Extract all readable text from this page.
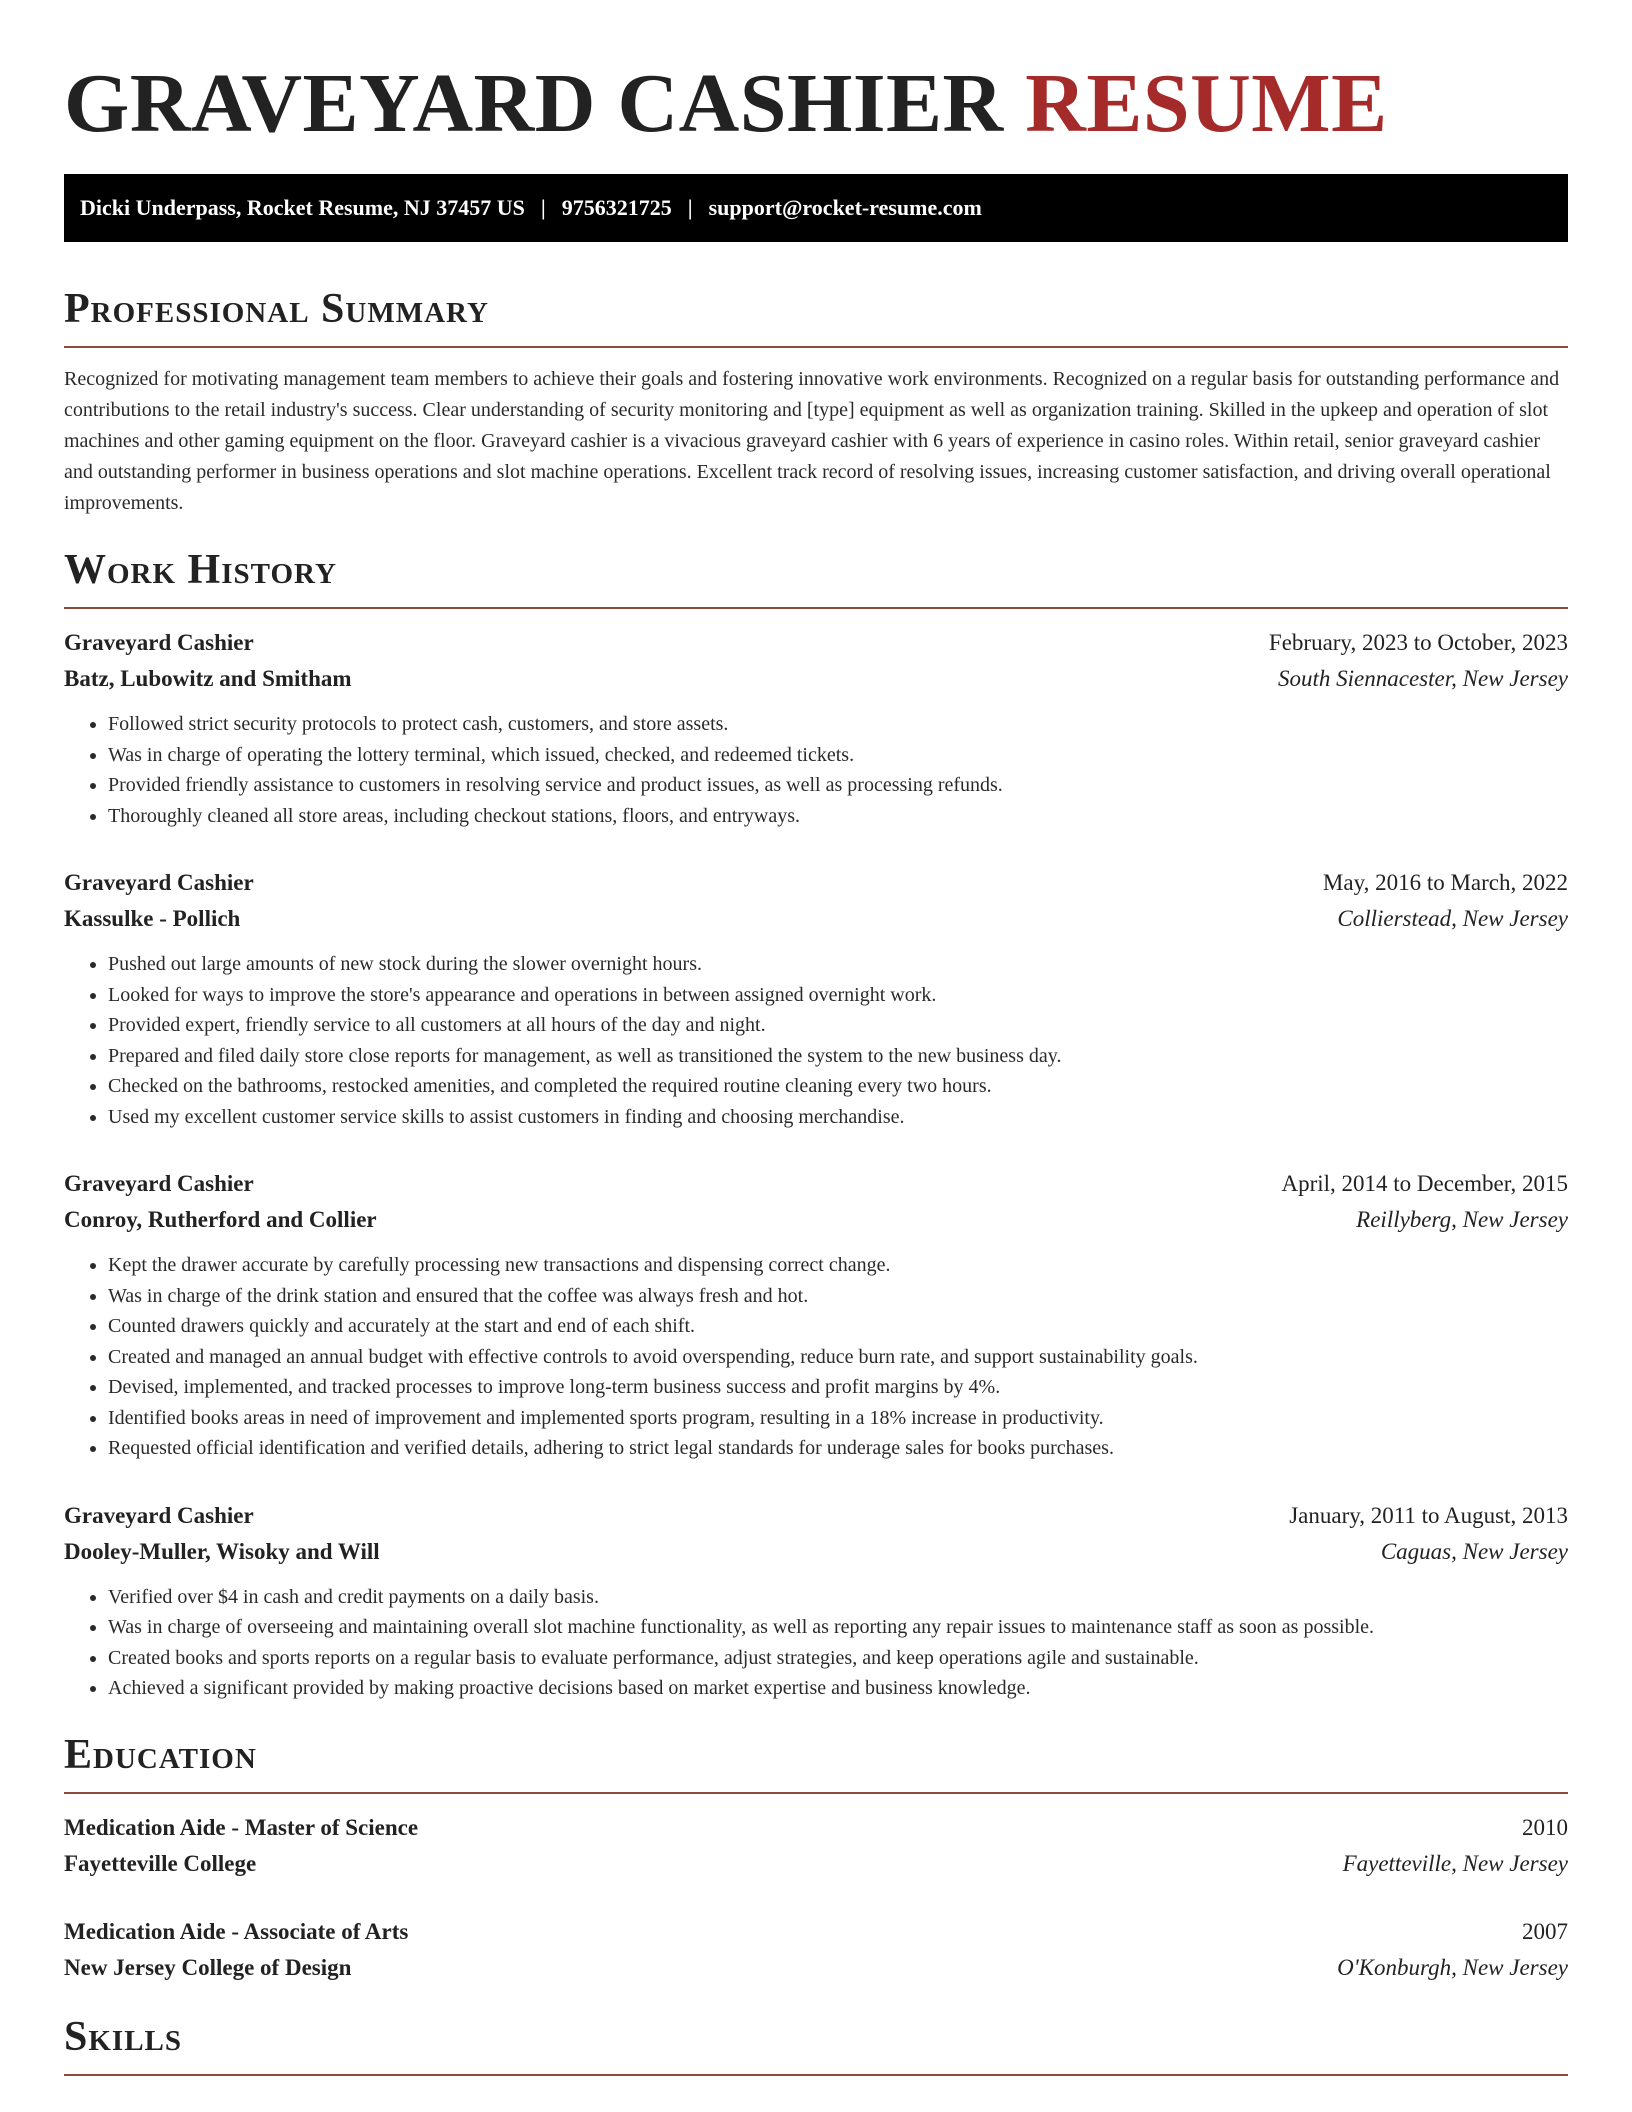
GRAVEYARD CASHIER RESUME
Dicki Underpass, Rocket Resume, NJ 37457 US | 9756321725 | support@rocket-resume.com
Professional Summary

Recognized for motivating management team members to achieve their goals and fostering innovative work environments. Recognized on a regular basis for outstanding performance and contributions to the retail industry's success. Clear understanding of security monitoring and [type] equipment as well as organization training. Skilled in the upkeep and operation of slot machines and other gaming equipment on the floor. Graveyard cashier is a vivacious graveyard cashier with 6 years of experience in casino roles. Within retail, senior graveyard cashier and outstanding performer in business operations and slot machine operations. Excellent track record of resolving issues, increasing customer satisfaction, and driving overall operational improvements.

Work History
Graveyard Cashier	February, 2023 to October, 2023
Batz, Lubowitz and Smitham	South Siennacester, New Jersey
• Followed strict security protocols to protect cash, customers, and store assets.
• Was in charge of operating the lottery terminal, which issued, checked, and redeemed tickets.
• Provided friendly assistance to customers in resolving service and product issues, as well as processing refunds.
• Thoroughly cleaned all store areas, including checkout stations, floors, and entryways.
Graveyard Cashier	May, 2016 to March, 2022
Kassulke - Pollich	Collierstead, New Jersey
• Pushed out large amounts of new stock during the slower overnight hours.
• Looked for ways to improve the store's appearance and operations in between assigned overnight work.
• Provided expert, friendly service to all customers at all hours of the day and night.
• Prepared and filed daily store close reports for management, as well as transitioned the system to the new business day.
• Checked on the bathrooms, restocked amenities, and completed the required routine cleaning every two hours.
• Used my excellent customer service skills to assist customers in finding and choosing merchandise.
Graveyard Cashier	April, 2014 to December, 2015
Conroy, Rutherford and Collier	Reillyberg, New Jersey
• Kept the drawer accurate by carefully processing new transactions and dispensing correct change.
• Was in charge of the drink station and ensured that the coffee was always fresh and hot.
• Counted drawers quickly and accurately at the start and end of each shift.
• Created and managed an annual budget with effective controls to avoid overspending, reduce burn rate, and support sustainability goals.
• Devised, implemented, and tracked processes to improve long-term business success and profit margins by 4%.
• Identified books areas in need of improvement and implemented sports program, resulting in a 18% increase in productivity.
• Requested official identification and verified details, adhering to strict legal standards for underage sales for books purchases.
Graveyard Cashier	January, 2011 to August, 2013
Dooley-Muller, Wisoky and Will	Caguas, New Jersey
• Verified over $4 in cash and credit payments on a daily basis.
• Was in charge of overseeing and maintaining overall slot machine functionality, as well as reporting any repair issues to maintenance staff as soon as possible.
• Created books and sports reports on a regular basis to evaluate performance, adjust strategies, and keep operations agile and sustainable.
• Achieved a significant provided by making proactive decisions based on market expertise and business knowledge.
Education
Medication Aide - Master of Science	2010
Fayetteville College	Fayetteville, New Jersey
Medication Aide - Associate of Arts	2007
New Jersey College of Design	O'Konburgh, New Jersey
Skills
